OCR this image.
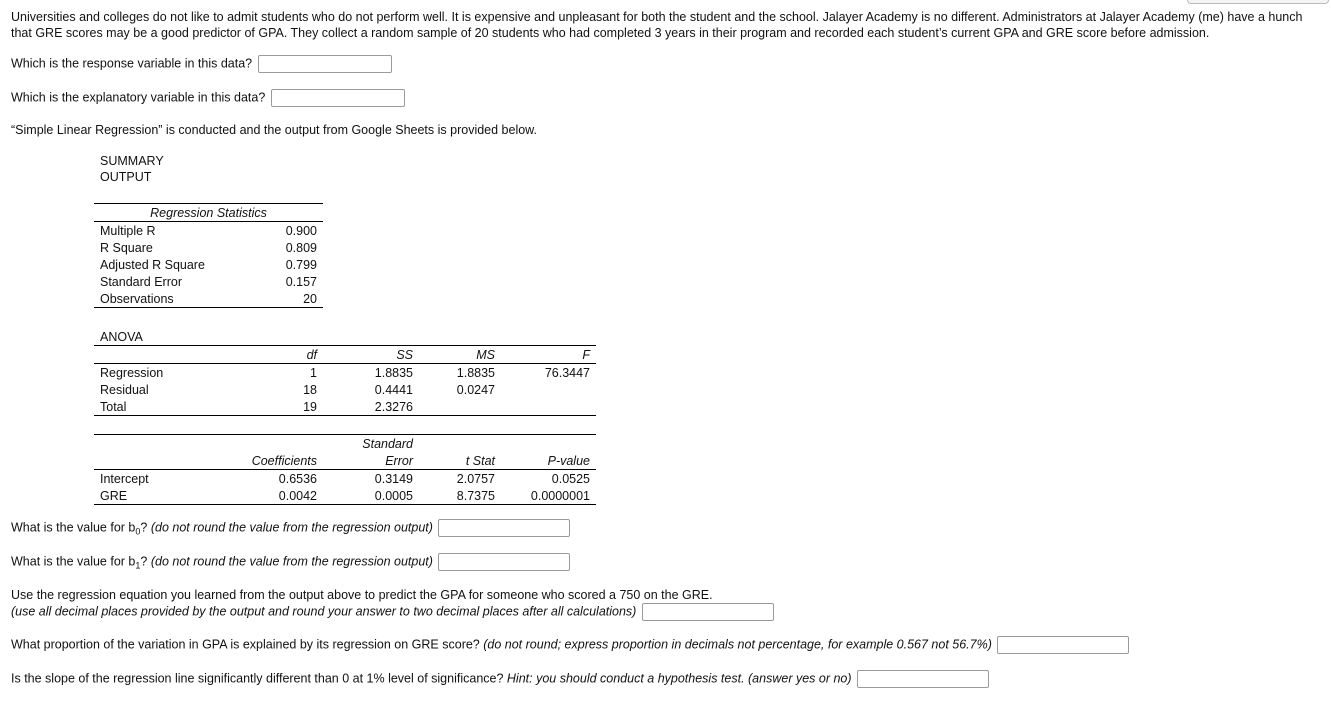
Universities and colleges do not like to admit students who do not perform well. It is expensive and unpleasant for both the student and the school. Jalayer Academy is no different. Administrators at Jalayer Academy (me) have a hunch that GRE scores may be a good predictor of GPA. They collect a random sample of 20 students who had completed 3 years in their program and recorded each student’s current GPA and GRE score before admission.
Which is the response variable in this data?
Which is the explanatory variable in this data?
“Simple Linear Regression” is conducted and the output from Google Sheets is provided below.
SUMMARY
OUTPUT
Regression Statistics	
Multiple R	0.900
R Square	0.809
Adjusted R Square	0.799
Standard Error	0.157
Observations	20
ANOVA				
	df	SS	MS	F
Regression	1	1.8835	1.8835	76.3447
Residual	18	0.4441	0.0247	
Total	19	2.3276		
		Standard		
	Coefficients	Error	t Stat	P-value
Intercept	0.6536	0.3149	2.0757	0.0525
GRE	0.0042	0.0005	8.7375	0.0000001
What is the value for $b_0$? (do not round the value from the regression output)
What is the value for $b_1$? (do not round the value from the regression output)
Use the regression equation you learned from the output above to predict the GPA for someone who scored a 750 on the GRE.
(use all decimal places provided by the output and round your answer to two decimal places after all calculations)
What proportion of the variation in GPA is explained by its regression on GRE score? (do not round; express proportion in decimals not percentage, for example 0.567 not 56.7%)
Is the slope of the regression line significantly different than 0 at 1% level of significance? Hint: you should conduct a hypothesis test. (answer yes or no)
